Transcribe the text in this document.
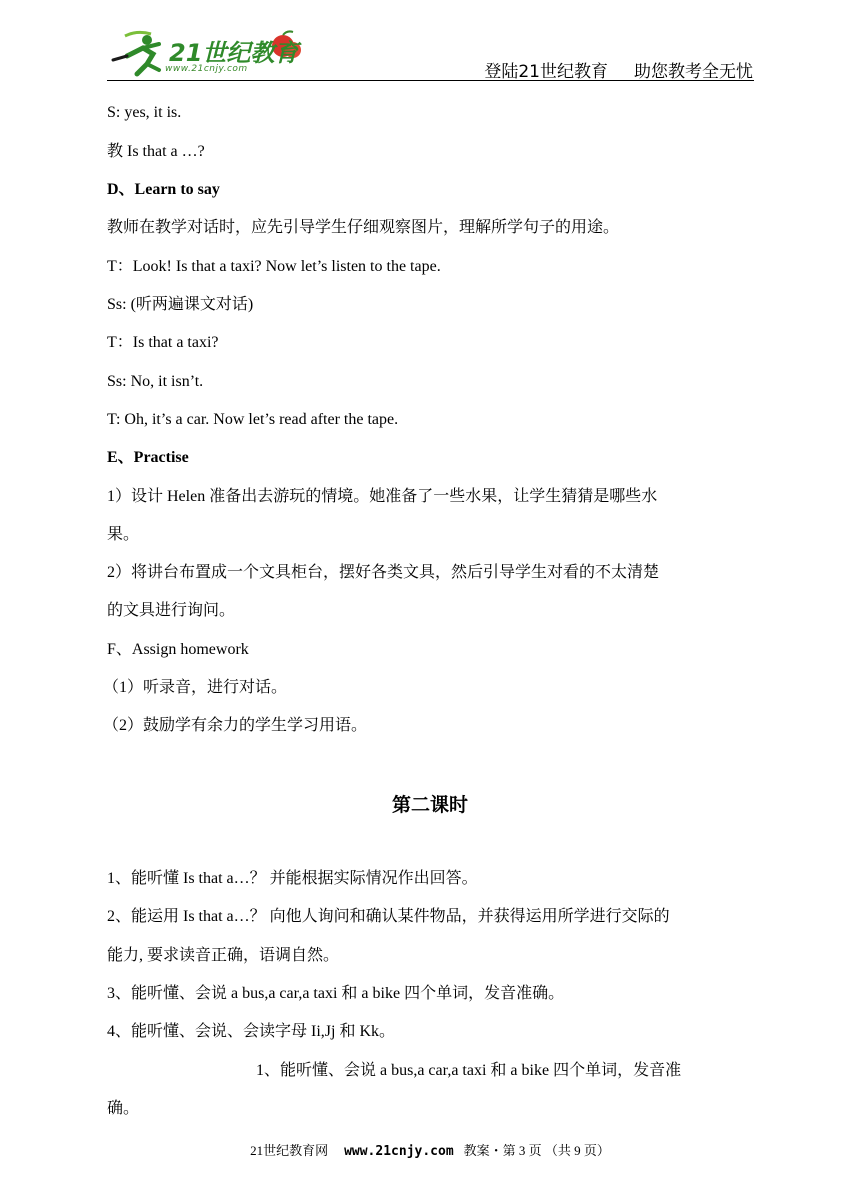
21世纪教育
www.21cnjy.com	登陆21世纪教育 助您教考全无忧
S: yes, it is.
教 Is that a …?
D、Learn to say
教师在教学对话时，应先引导学生仔细观察图片，理解所学句子的用途。
T：Look! Is that a taxi? Now let’s listen to the tape.
Ss: (听两遍课文对话)
T：Is that a taxi?
Ss: No, it isn’t.
T: Oh, it’s a car. Now let’s read after the tape.
E、Practise
1）设计 Helen 准备出去游玩的情境。她准备了一些水果，让学生猜猜是哪些水
果。
2）将讲台布置成一个文具柜台，摆好各类文具，然后引导学生对看的不太清楚
的文具进行询问。
F、Assign homework
（1）听录音，进行对话。
（2）鼓励学有余力的学生学习用语。
第二课时
1、能听懂 Is that a…？ 并能根据实际情况作出回答。
2、能运用 Is that a…？ 向他人询问和确认某件物品，并获得运用所学进行交际的
能力, 要求读音正确，语调自然。
3、能听懂、会说 a bus,a car,a taxi 和 a bike 四个单词，发音准确。
4、能听懂、会说、会读字母 Ii,Jj 和 Kk。
1、能听懂、会说 a bus,a car,a taxi 和 a bike 四个单词，发音准
确。
21世纪教育网 www.21cnjy.com 教案・第 3 页 （共 9 页）
